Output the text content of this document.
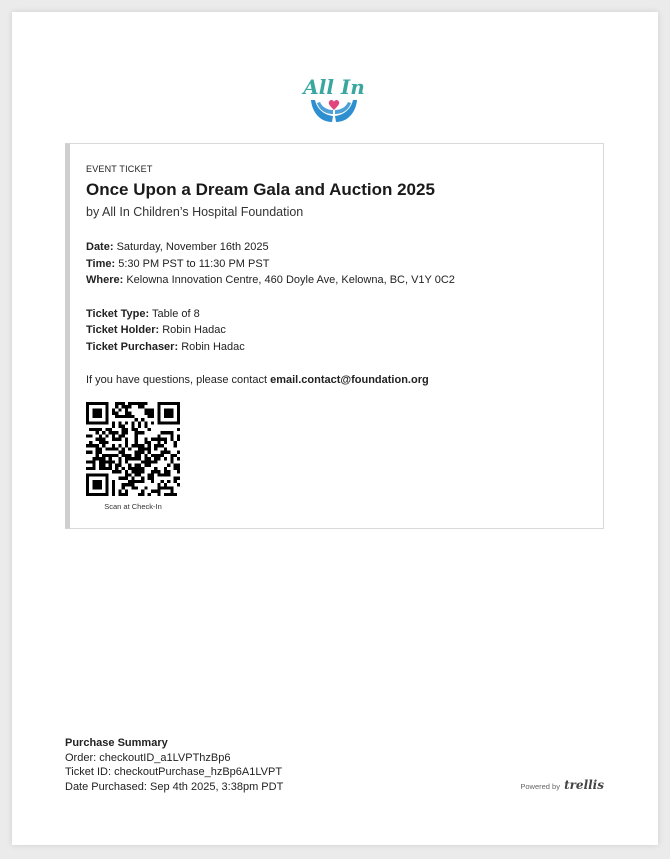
All In
EVENT TICKET
Once Upon a Dream Gala and Auction 2025
by All In Children’s Hospital Foundation
Date: Saturday, November 16th 2025
Time: 5:30 PM PST to 11:30 PM PST
Where: Kelowna Innovation Centre, 460 Doyle Ave, Kelowna, BC, V1Y 0C2
Ticket Type: Table of 8
Ticket Holder: Robin Hadac
Ticket Purchaser: Robin Hadac
If you have questions, please contact email.contact@foundation.org
Scan at Check-In
Purchase Summary
Order: checkoutID_a1LVPThzBp6
Ticket ID: checkoutPurchase_hzBp6A1LVPT
Date Purchased: Sep 4th 2025, 3:38pm PDT	Powered by trellis
